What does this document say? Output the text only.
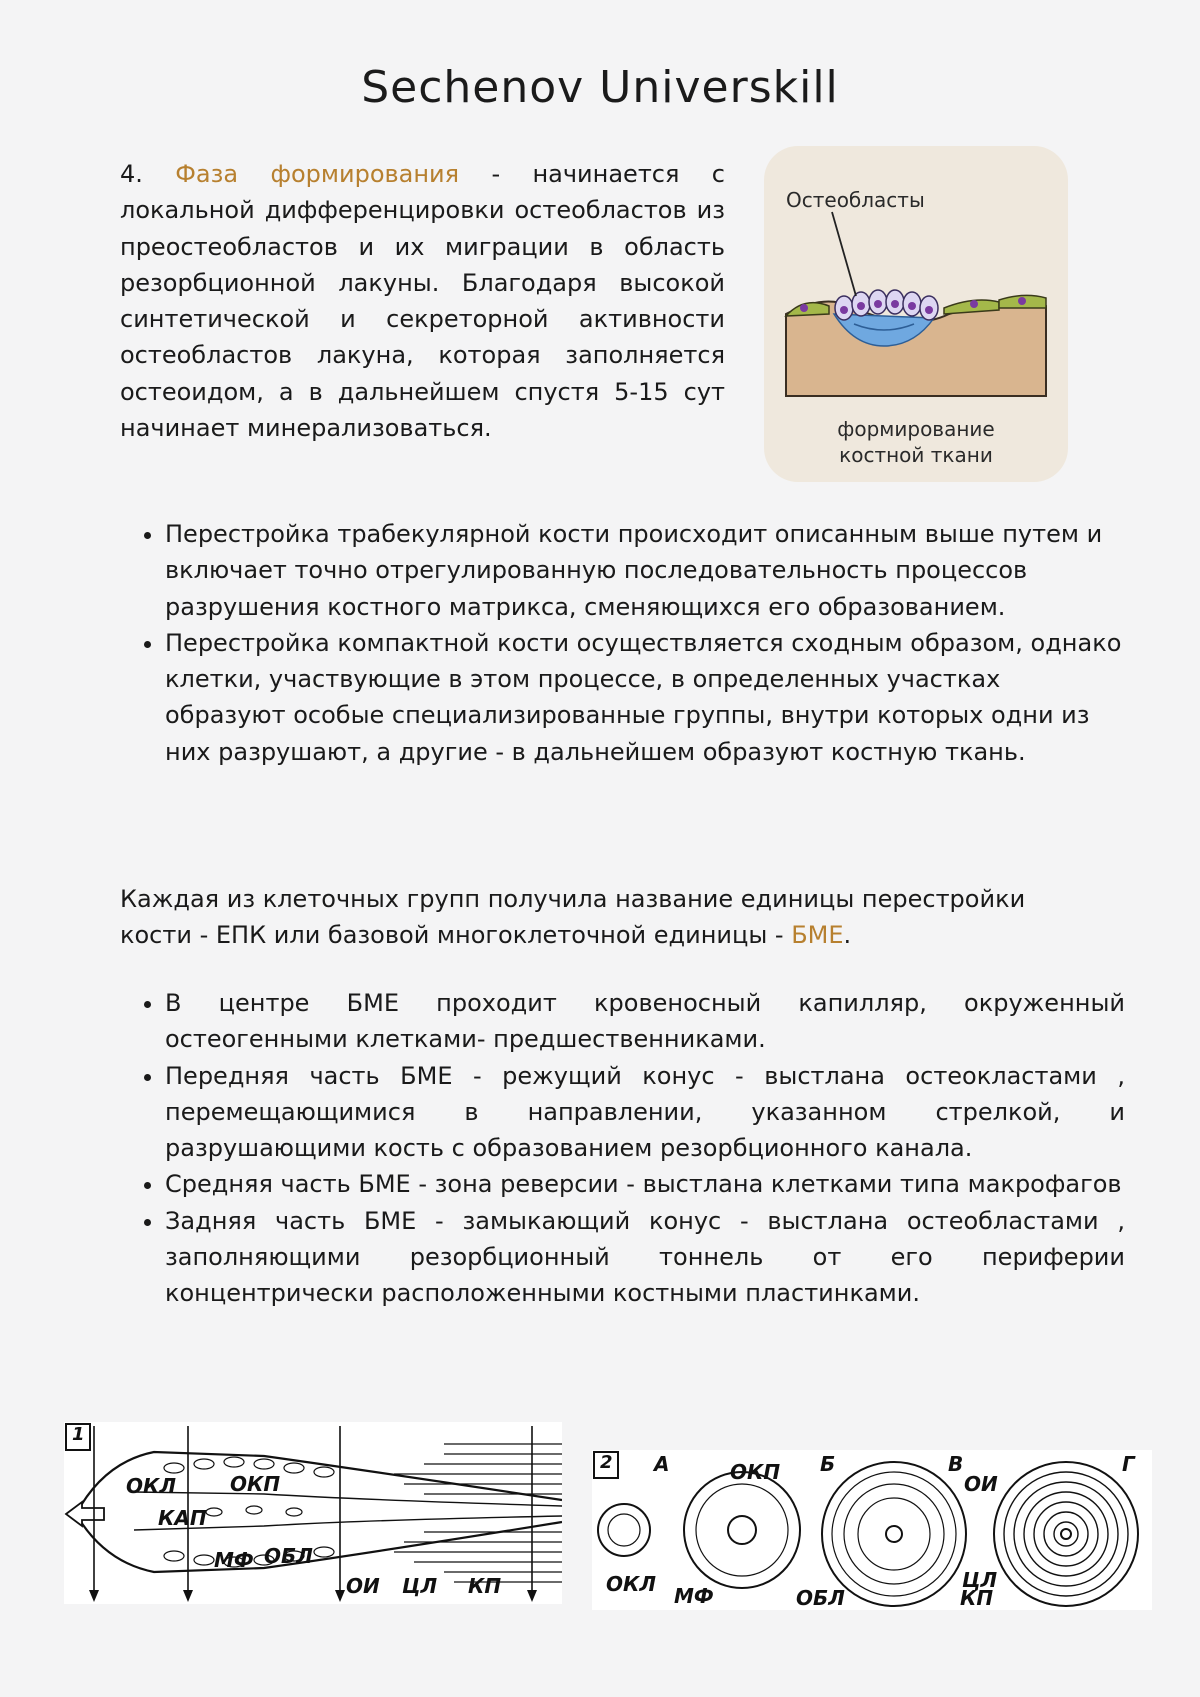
Sechenov Universkill
4. Фаза формирования - начинается с локальной дифференцировки остеобластов из преостеобластов и их миграции в область резорбционной лакуны. Благодаря высокой синтетической и секреторной активности остеобластов лакуна, которая заполняется остеоидом, а в дальнейшем спустя 5-15 сут начинает минерализоваться.
Остеобласты
формирование
костной ткани
• Перестройка трабекулярной кости происходит описанным выше путем и включает точно отрегулированную последовательность процессов разрушения костного матрикса, сменяющихся его образованием.
• Перестройка компактной кости осуществляется сходным образом, однако клетки, участвующие в этом процессе, в определенных участках образуют особые специализированные группы, внутри которых одни из них разрушают, а другие - в дальнейшем образуют костную ткань.
Каждая из клеточных групп получила название единицы перестройки кости - ЕПК или базовой многоклеточной единицы - БМЕ.
• В центре БМЕ проходит кровеносный капилляр, окруженный остеогенными клетками- предшественниками.
• Передняя часть БМЕ - режущий конус - выстлана остеокластами , перемещающимися в направлении, указанном стрелкой, и разрушающими кость с образованием резорбционного канала.
• Средняя часть БМЕ - зона реверсии - выстлана клетками типа макрофагов
• Задняя часть БМЕ - замыкающий конус - выстлана остеобластами , заполняющими резорбционный тоннель от его периферии концентрически расположенными костными пластинками.
1
ОКЛ	ОКП
КАП
МФ ОБЛ
ОИ ЦЛ КП
2 А	Б	В	Г
ОКЛ
ОКП
МФ	ОБЛ
ОИ
ЦЛ
КП
